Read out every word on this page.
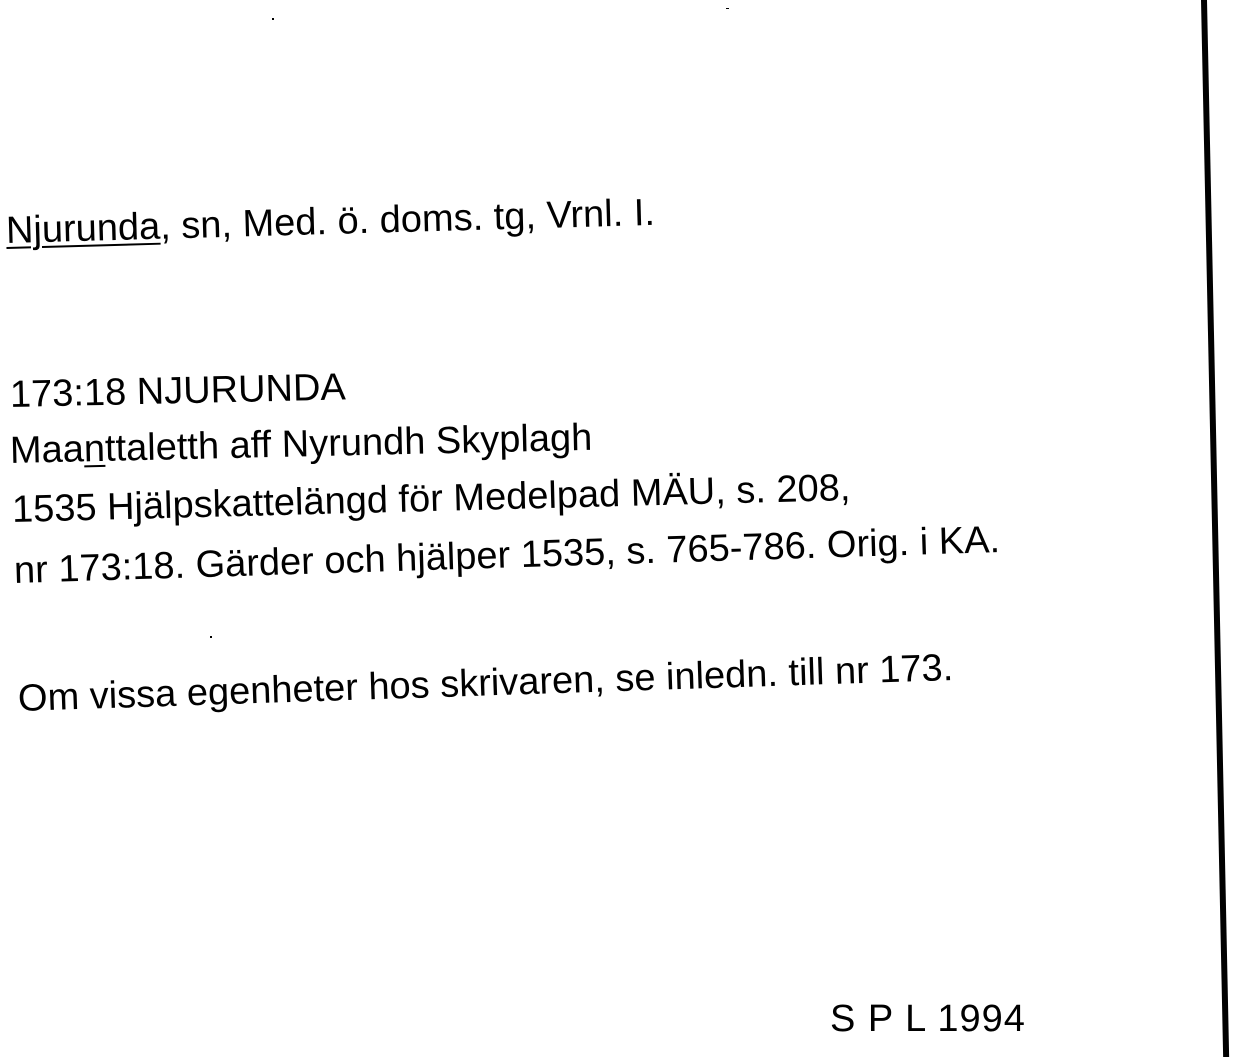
Njurunda, sn, Med. ö. doms. tg, Vrnl. I.
173:18 NJURUNDA
Maanttaletth aff Nyrundh Skyplagh
1535 Hjälpskattelängd för Medelpad MÄU, s. 208,
nr 173:18. Gärder och hjälper 1535, s. 765-786. Orig. i KA.
Om vissa egenheter hos skrivaren, se inledn. till nr 173.
S P L 1994
